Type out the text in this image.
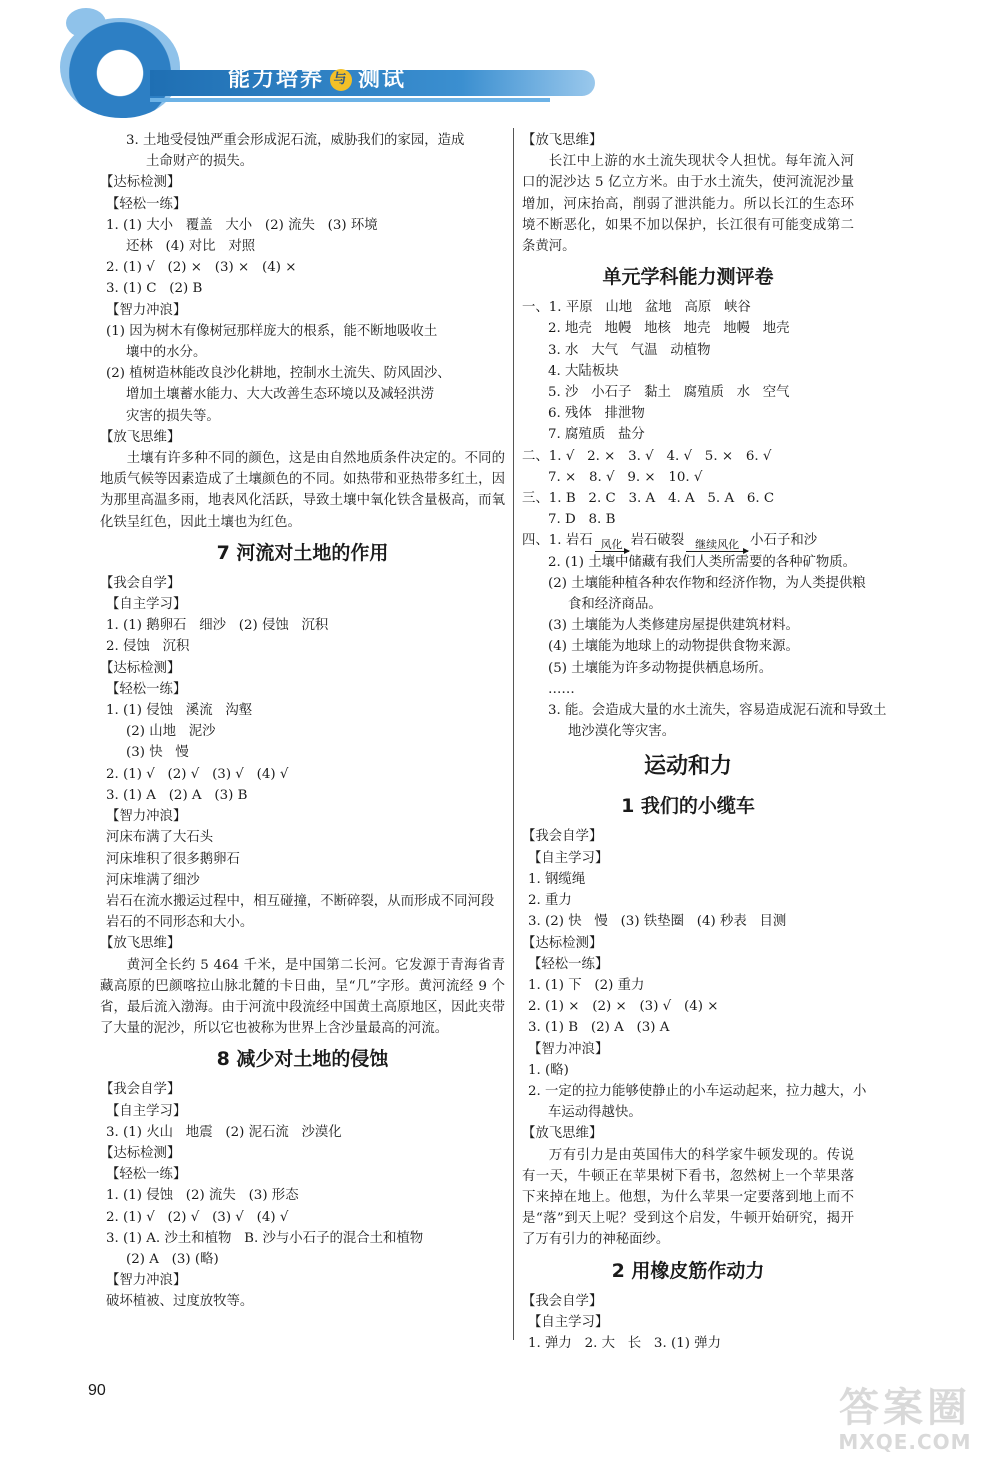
能力培养 与 测试

3. 土地受侵蚀严重会形成泥石流，威胁我们的家园，造成

土命财产的损失。

【达标检测】

【轻松一练】

1. (1) 大小   覆盖   大小   (2) 流失   (3) 环境

还林   (4) 对比   对照

2. (1) √   (2) ×   (3) ×   (4) ×

3. (1) C   (2) B

【智力冲浪】

(1) 因为树木有像树冠那样庞大的根系，能不断地吸收土

壤中的水分。

(2) 植树造林能改良沙化耕地，控制水土流失、防风固沙、

增加土壤蓄水能力、大大改善生态环境以及减轻洪涝

灾害的损失等。

【放飞思维】

土壤有许多种不同的颜色，这是由自然地质条件决定的。不同的地质气候等因素造成了土壤颜色的不同。如热带和亚热带多红土，因为那里高温多雨，地表风化活跃，导致土壤中氧化铁含量极高，而氧化铁呈红色，因此土壤也为红色。

7 河流对土地的作用

【我会自学】

【自主学习】

1. (1) 鹅卵石   细沙   (2) 侵蚀   沉积

2. 侵蚀   沉积

【达标检测】

【轻松一练】

1. (1) 侵蚀   溪流   沟壑

(2) 山地   泥沙

(3) 快   慢

2. (1) √   (2) √   (3) √   (4) √

3. (1) A   (2) A   (3) B

【智力冲浪】

河床布满了大石头

河床堆积了很多鹅卵石

河床堆满了细沙

岩石在流水搬运过程中，相互碰撞，不断碎裂，从而形成不同河段岩石的不同形态和大小。

【放飞思维】

黄河全长约 5 464 千米，是中国第二长河。它发源于青海省青藏高原的巴颜喀拉山脉北麓的卡日曲，呈“几”字形。黄河流经 9 个省，最后流入渤海。由于河流中段流经中国黄土高原地区，因此夹带了大量的泥沙，所以它也被称为世界上含沙量最高的河流。

8 减少对土地的侵蚀

【我会自学】

【自主学习】

3. (1) 火山   地震   (2) 泥石流   沙漠化

【达标检测】

【轻松一练】

1. (1) 侵蚀   (2) 流失   (3) 形态

2. (1) √   (2) √   (3) √   (4) √

3. (1) A. 沙土和植物   B. 沙与小石子的混合土和植物

(2) A   (3) (略)

【智力冲浪】

破坏植被、过度放牧等。

【放飞思维】

长江中上游的水土流失现状令人担忧。每年流入河口的泥沙达 5 亿立方米。由于水土流失，使河流泥沙量增加，河床抬高，削弱了泄洪能力。所以长江的生态环境不断恶化，如果不加以保护，长江很有可能变成第二条黄河。

单元学科能力测评卷

一、1. 平原   山地   盆地   高原   峡谷

2. 地壳   地幔   地核   地壳   地幔   地壳

3. 水   大气   气温   动植物

4. 大陆板块

5. 沙   小石子   黏土   腐殖质   水   空气

6. 残体   排泄物

7. 腐殖质   盐分

二、1. √   2. ×   3. √   4. √   5. ×   6. √

7. ×   8. √   9. ×   10. √

三、1. B   2. C   3. A   4. A   5. A   6. C

7. D   8. B

四、1. 岩石 风化 岩石破裂 继续风化 小石子和沙

2. (1) 土壤中储藏有我们人类所需要的各种矿物质。

(2) 土壤能种植各种农作物和经济作物，为人类提供粮

食和经济商品。

(3) 土壤能为人类修建房屋提供建筑材料。

(4) 土壤能为地球上的动物提供食物来源。

(5) 土壤能为许多动物提供栖息场所。

……

3. 能。会造成大量的水土流失，容易造成泥石流和导致土

地沙漠化等灾害。

运动和力
1 我们的小缆车

【我会自学】

【自主学习】

1. 钢缆绳

2. 重力

3. (2) 快   慢   (3) 铁垫圈   (4) 秒表   目测

【达标检测】

【轻松一练】

1. (1) 下   (2) 重力

2. (1) ×   (2) ×   (3) √   (4) ×

3. (1) B   (2) A   (3) A

【智力冲浪】

1. (略)

2. 一定的拉力能够使静止的小车运动起来，拉力越大，小

车运动得越快。

【放飞思维】

万有引力是由英国伟大的科学家牛顿发现的。传说有一天，牛顿正在苹果树下看书，忽然树上一个苹果落下来掉在地上。他想，为什么苹果一定要落到地上而不是“落”到天上呢？受到这个启发，牛顿开始研究，揭开了万有引力的神秘面纱。

2 用橡皮筋作动力

【我会自学】

【自主学习】

1. 弹力   2. 大   长   3. (1) 弹力

90	答案圈
MXQE.COM
